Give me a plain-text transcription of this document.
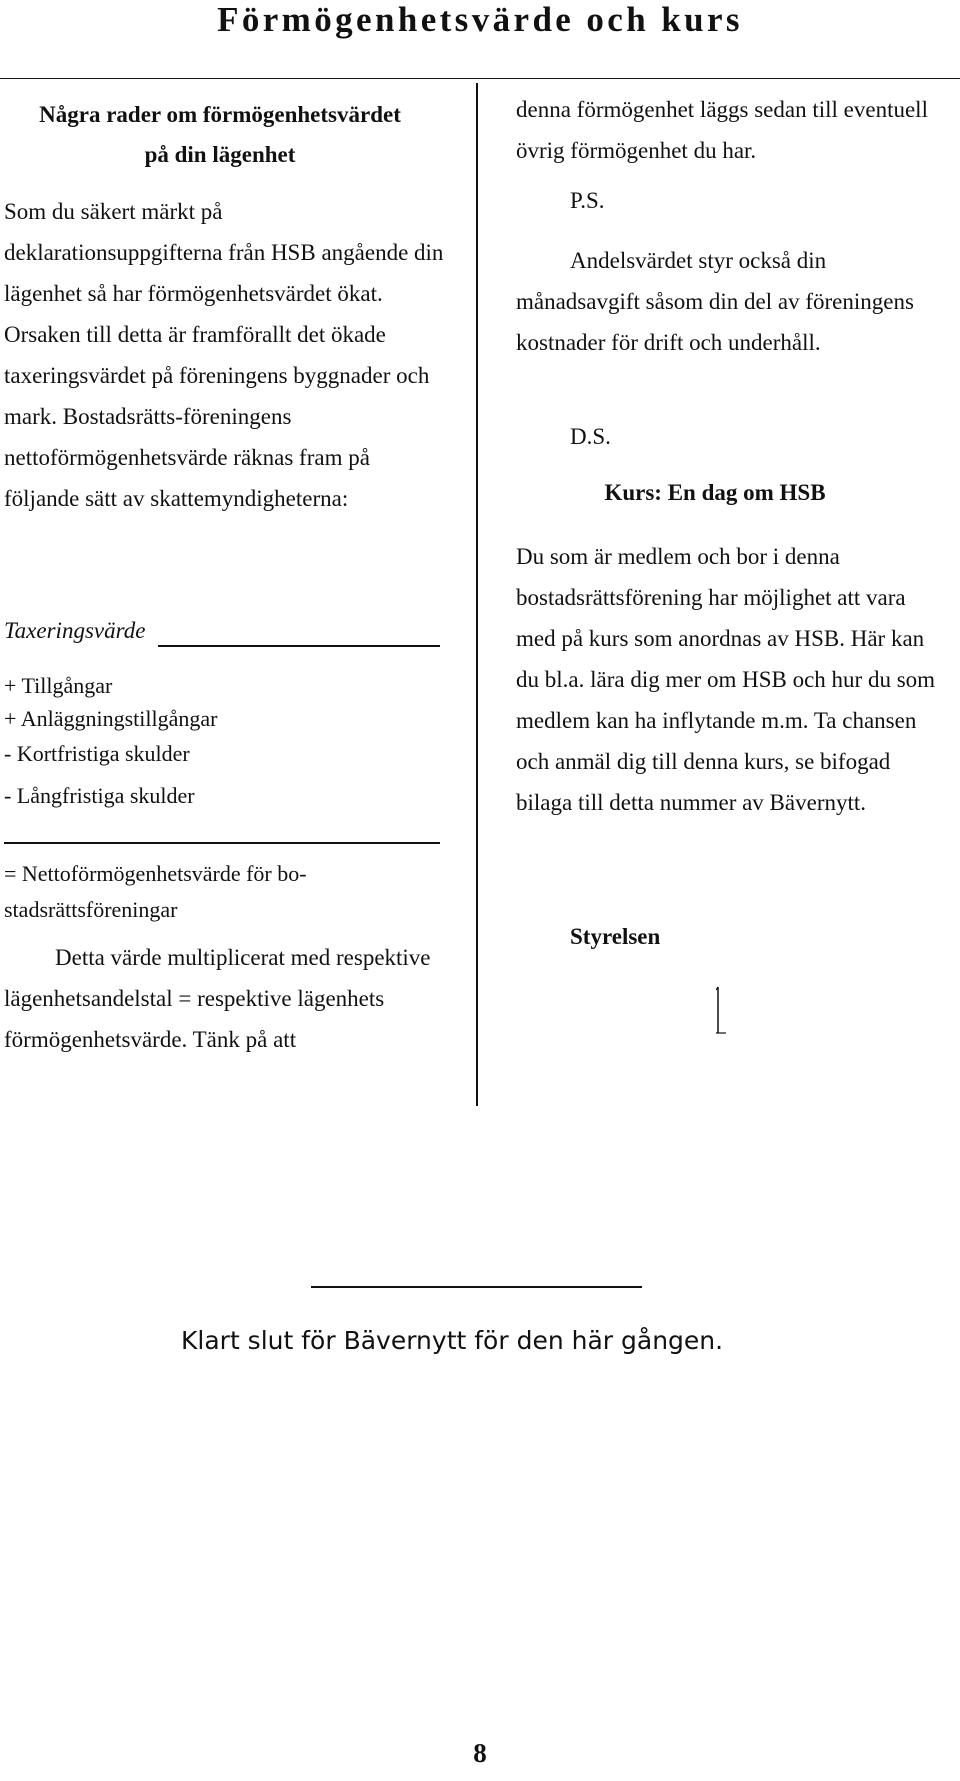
Förmögenhetsvärde och kurs
Några rader om förmögenhetsvärdet
på din lägenhet
Som du säkert märkt på deklarationsuppgifterna från HSB angående din lägenhet så har förmögenhetsvärdet ökat. Orsaken till detta är framförallt det ökade taxeringsvärdet på föreningens byggnader och mark. Bostadsrätts-föreningens nettoförmögenhetsvärde räknas fram på följande sätt av skattemyndigheterna:
Taxeringsvärde
+ Tillgångar
+ Anläggningstillgångar
- Kortfristiga skulder
- Långfristiga skulder
= Nettoförmögenhetsvärde för bo-stadsrättsföreningar
Detta värde multiplicerat med respektive lägenhetsandelstal = respektive lägenhets förmögenhetsvärde. Tänk på att
denna förmögenhet läggs sedan till eventuell övrig förmögenhet du har.
P.S.
Andelsvärdet styr också din månadsavgift såsom din del av föreningens kostnader för drift och underhåll.
D.S.
Kurs: En dag om HSB
Du som är medlem och bor i denna bostadsrättsförening har möjlighet att vara med på kurs som anordnas av HSB. Här kan du bl.a. lära dig mer om HSB och hur du som medlem kan ha inflytande m.m. Ta chansen och anmäl dig till denna kurs, se bifogad bilaga till detta nummer av Bävernytt.
Styrelsen
Klart slut för Bävernytt för den här gången.
8
